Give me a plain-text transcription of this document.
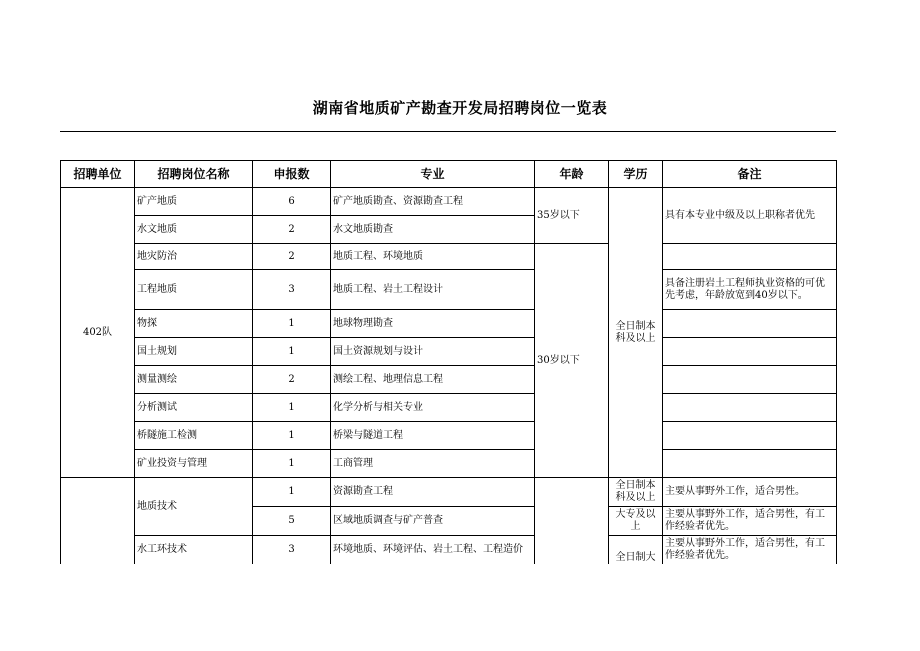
湖南省地质矿产勘查开发局招聘岗位一览表
招聘单位	招聘岗位名称	申报数	专业	年龄	学历	备注
402队	矿产地质	6	矿产地质勘查、资源勘查工程	35岁以下	全日制本科及以上	具有本专业中级及以上职称者优先
	水文地质	2	水文地质勘查			
	地灾防治	2	地质工程、环境地质	30岁以下		
	工程地质	3	地质工程、岩土工程设计			具备注册岩土工程师执业资格的可优先考虑，年龄放宽到40岁以下。
	物探	1	地球物理勘查			
	国土规划	1	国土资源规划与设计			
	测量测绘	2	测绘工程、地理信息工程			
	分析测试	1	化学分析与相关专业			
	桥隧施工检测	1	桥梁与隧道工程			
	矿业投资与管理	1	工商管理			
	地质技术	1	资源勘查工程		全日制本科及以上	主要从事野外工作，适合男性。
		5	区域地质调查与矿产普查		大专及以上	主要从事野外工作，适合男性，有工作经验者优先。
	水工环技术	3	环境地质、环境评估、岩土工程、工程造价		全日制大	主要从事野外工作，适合男性，有工作经验者优先。
